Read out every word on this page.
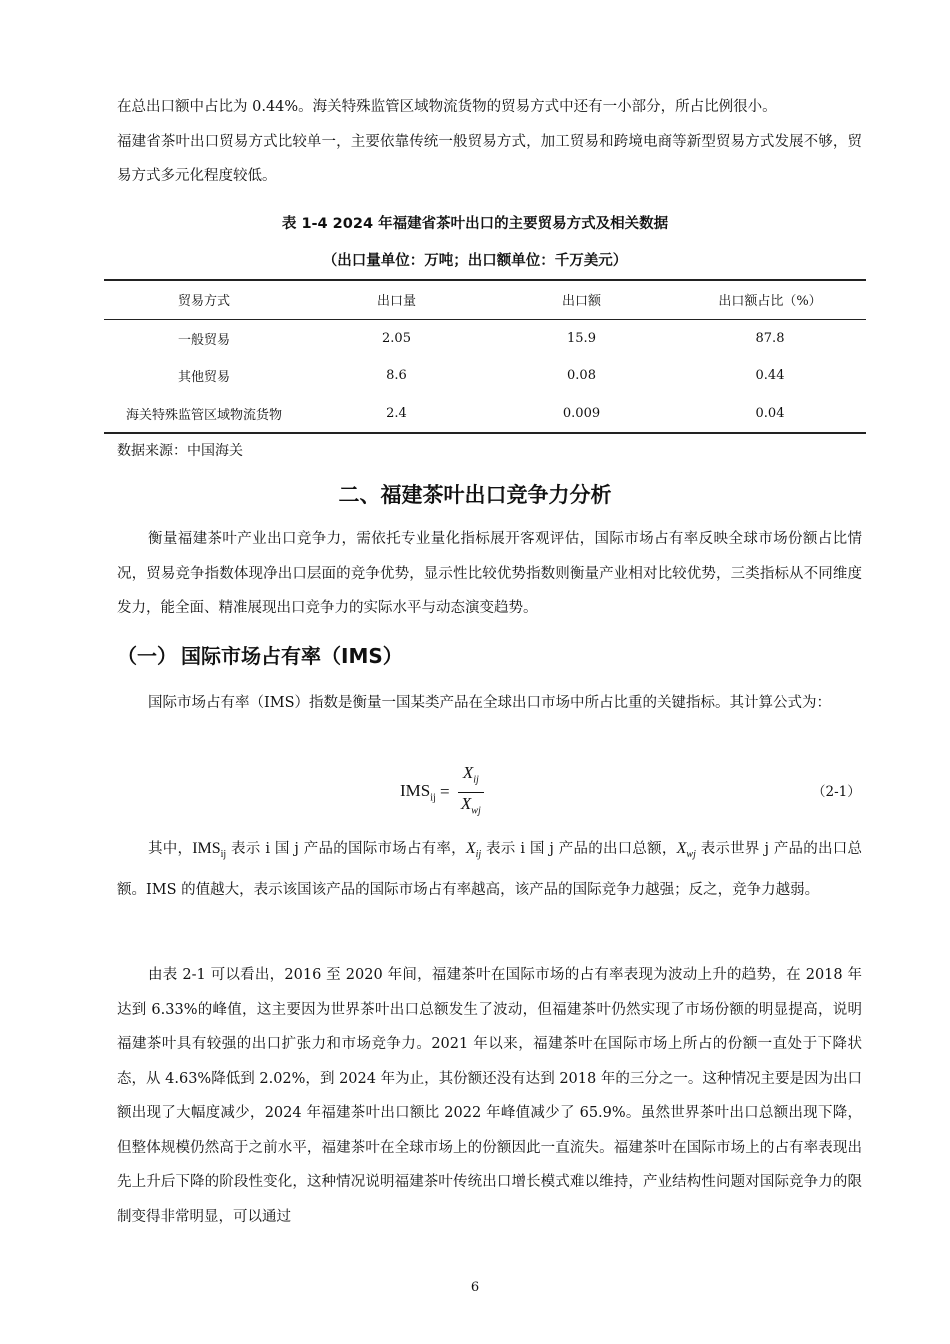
在总出口额中占比为 0.44%。海关特殊监管区域物流货物的贸易方式中还有一小部分，所占比例很小。
福建省茶叶出口贸易方式比较单一，主要依靠传统一般贸易方式，加工贸易和跨境电商等新型贸易方式发展不够，贸易方式多元化程度较低。

表 1-4 2024 年福建省茶叶出口的主要贸易方式及相关数据

（出口量单位：万吨；出口额单位：千万美元）

贸易方式	出口量	出口额	出口额占比（%）
一般贸易	2.05	15.9	87.8
其他贸易	8.6	0.08	0.44
海关特殊监管区域物流货物	2.4	0.009	0.04

数据来源：中国海关

二、福建茶叶出口竞争力分析

衡量福建茶叶产业出口竞争力，需依托专业量化指标展开客观评估，国际市场占有率反映全球市场份额占比情况，贸易竞争指数体现净出口层面的竞争优势，显示性比较优势指数则衡量产业相对比较优势，三类指标从不同维度发力，能全面、精准展现出口竞争力的实际水平与动态演变趋势。

（一） 国际市场占有率（IMS）

国际市场占有率（IMS）指数是衡量一国某类产品在全球出口市场中所占比重的关键指标。其计算公式为：

$IMS_{ij} = \frac{X_{ij}}{X_{wj}}$	（2-1）

其中，$IMS_{ij}$ 表示 i 国 j 产品的国际市场占有率，$X_{ij}$ 表示 i 国 j 产品的出口总额，$X_{wj}$ 表示世界 j 产品的出口总额。IMS 的值越大，表示该国该产品的国际市场占有率越高，该产品的国际竞争力越强；反之，竞争力越弱。

由表 2-1 可以看出，2016 至 2020 年间，福建茶叶在国际市场的占有率表现为波动上升的趋势，在 2018 年达到 6.33%的峰值，这主要因为世界茶叶出口总额发生了波动，但福建茶叶仍然实现了市场份额的明显提高，说明福建茶叶具有较强的出口扩张力和市场竞争力。2021 年以来，福建茶叶在国际市场上所占的份额一直处于下降状态，从 4.63%降低到 2.02%，到 2024 年为止，其份额还没有达到 2018 年的三分之一。这种情况主要是因为出口额出现了大幅度减少，2024 年福建茶叶出口额比 2022 年峰值减少了 65.9%。虽然世界茶叶出口总额出现下降，但整体规模仍然高于之前水平，福建茶叶在全球市场上的份额因此一直流失。福建茶叶在国际市场上的占有率表现出先上升后下降的阶段性变化，这种情况说明福建茶叶传统出口增长模式难以维持，产业结构性问题对国际竞争力的限制变得非常明显，可以通过

6
